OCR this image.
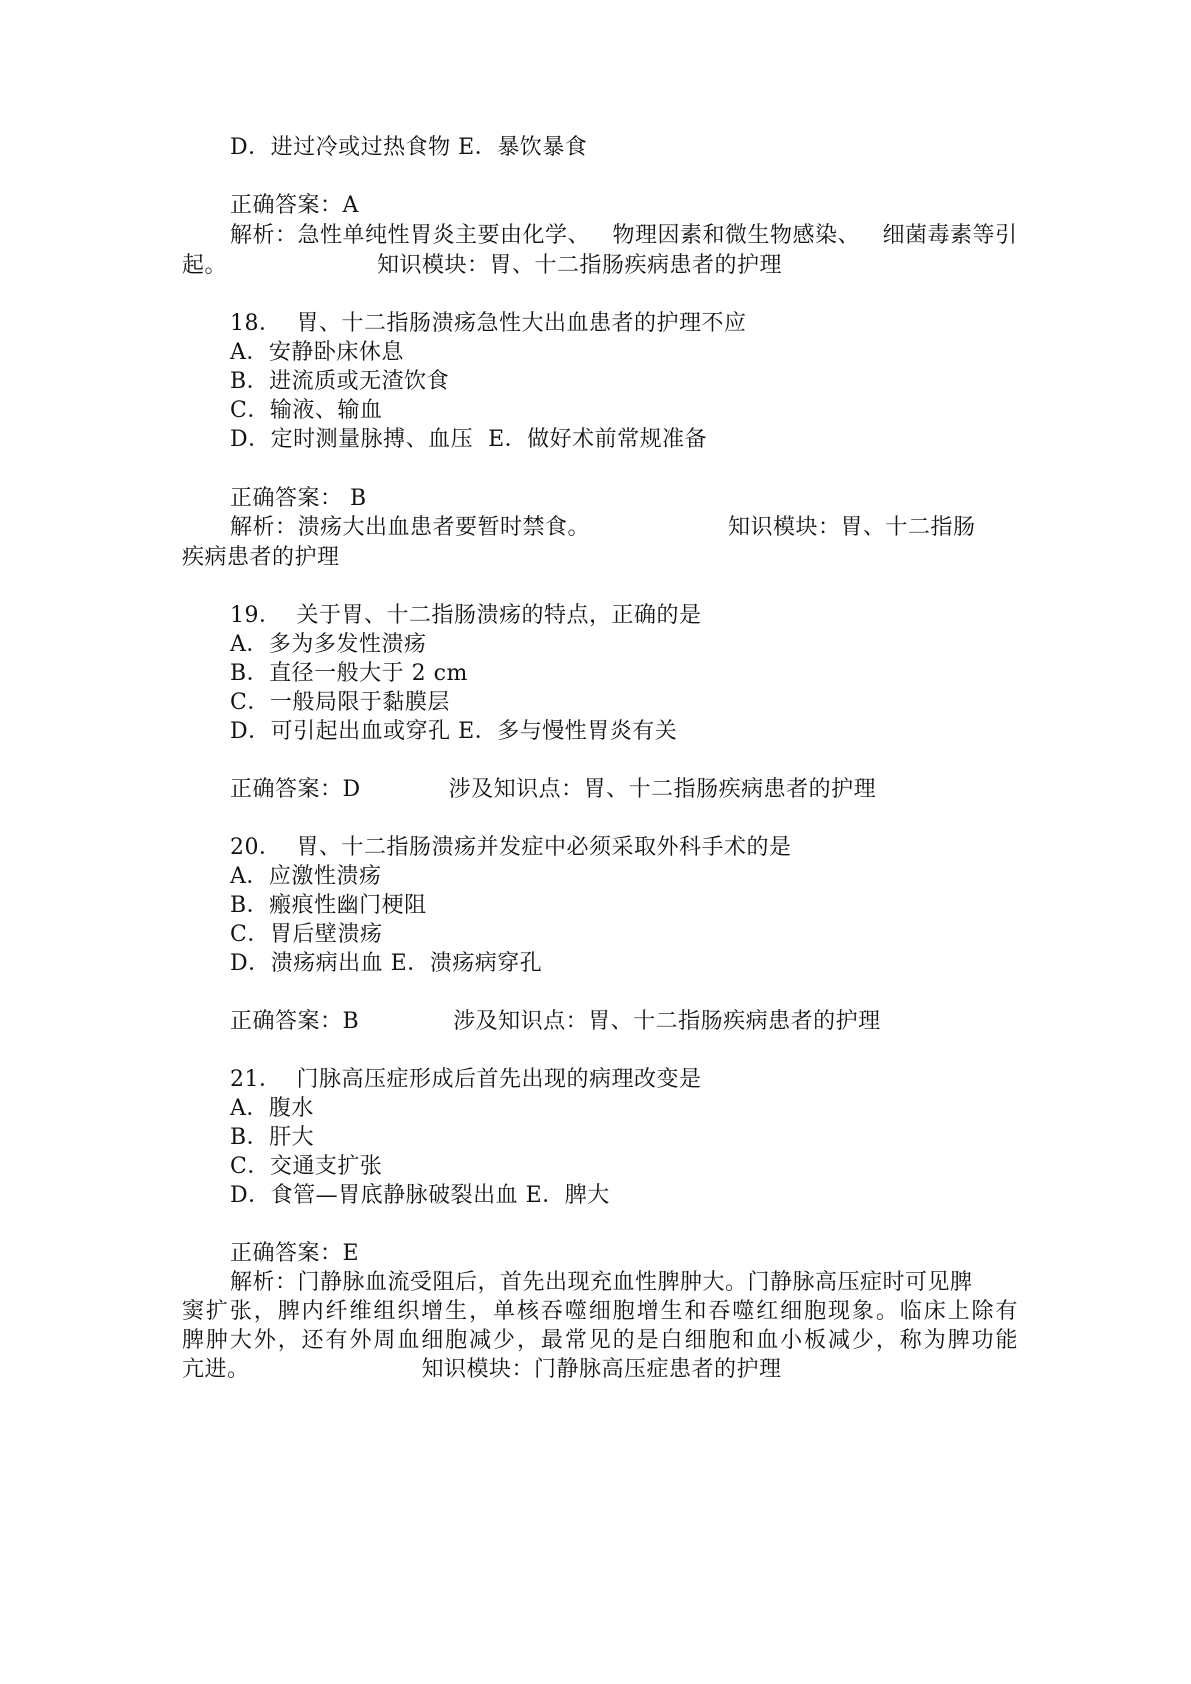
D．进过冷或过热食物 E．暴饮暴食
正确答案：A
解析：急性单纯性胃炎主要由化学、   物理因素和微生物感染、   细菌毒素等引
起。	知识模块：胃、十二指肠疾病患者的护理
18．  胃、十二指肠溃疡急性大出血患者的护理不应
A．安静卧床休息
B．进流质或无渣饮食
C．输液、输血
D．定时测量脉搏、血压  E．做好术前常规准备
正确答案： B
解析：溃疡大出血患者要暂时禁食。	知识模块：胃、十二指肠
疾病患者的护理
19．  关于胃、十二指肠溃疡的特点，正确的是
A．多为多发性溃疡
B．直径一般大于 2 cm
C．一般局限于黏膜层
D．可引起出血或穿孔 E．多与慢性胃炎有关
正确答案：D	涉及知识点：胃、十二指肠疾病患者的护理
20．  胃、十二指肠溃疡并发症中必须采取外科手术的是
A．应激性溃疡
B．瘢痕性幽门梗阻
C．胃后壁溃疡
D．溃疡病出血 E．溃疡病穿孔
正确答案：B	涉及知识点：胃、十二指肠疾病患者的护理
21．  门脉高压症形成后首先出现的病理改变是
A．腹水
B．肝大
C．交通支扩张
D．食管—胃底静脉破裂出血 E．脾大
正确答案：E
解析：门静脉血流受阻后，首先出现充血性脾肿大。门静脉高压症时可见脾
窦扩张，脾内纤维组织增生，单核吞噬细胞增生和吞噬红细胞现象。临床上除有
脾肿大外，还有外周血细胞减少，最常见的是白细胞和血小板减少，称为脾功能
亢进。	知识模块：门静脉高压症患者的护理
